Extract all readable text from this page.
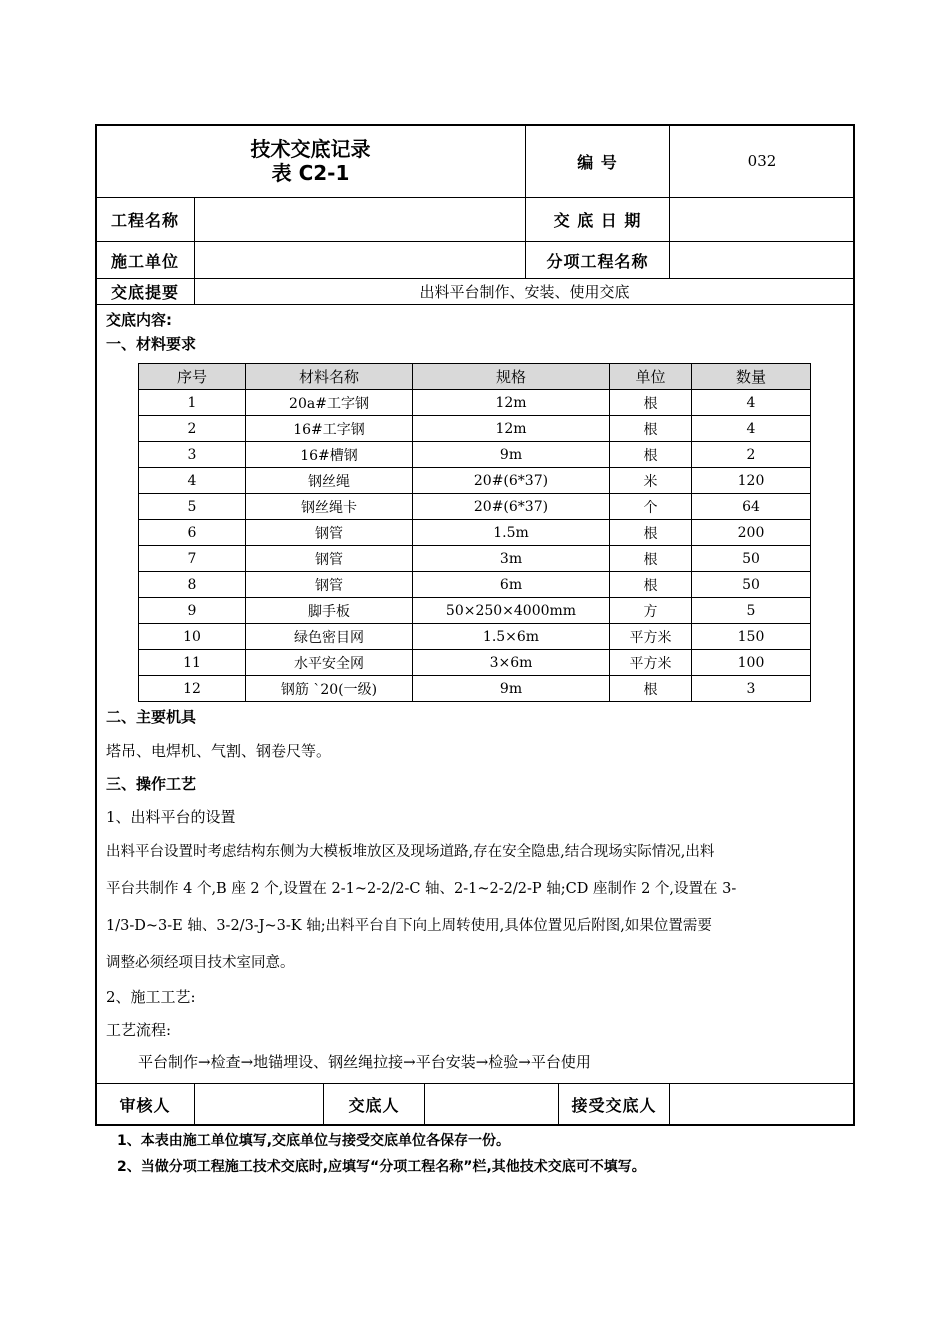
技术交底记录
表 C2-1	编 号	032
工程名称	交 底 日 期
施工单位	分项工程名称
交底提要	出料平台制作、安装、使用交底
交底内容:
一、材料要求
序号	材料名称	规格	单位	数量
1	20a#工字钢	12m	根	4
2	16#工字钢	12m	根	4
3	16#槽钢	9m	根	2
4	钢丝绳	20#(6*37)	米	120
5	钢丝绳卡	20#(6*37)	个	64
6	钢管	1.5m	根	200
7	钢管	3m	根	50
8	钢管	6m	根	50
9	脚手板	50×250×4000mm	方	5
10	绿色密目网	1.5×6m	平方米	150
11	水平安全网	3×6m	平方米	100
12	钢筋 `20(一级)	9m	根	3
二、主要机具
塔吊、电焊机、气割、钢卷尺等。
三、操作工艺
1、出料平台的设置
出料平台设置时考虑结构东侧为大模板堆放区及现场道路,存在安全隐患,结合现场实际情况,出料
平台共制作 4 个,B 座 2 个,设置在 2-1~2-2/2-C 轴、2-1~2-2/2-P 轴;CD 座制作 2 个,设置在 3-
1/3-D~3-E 轴、3-2/3-J~3-K 轴;出料平台自下向上周转使用,具体位置见后附图,如果位置需要
调整必须经项目技术室同意。
2、施工工艺:
工艺流程:
平台制作→检查→地锚埋设、钢丝绳拉接→平台安装→检验→平台使用
审核人	交底人	接受交底人
1、本表由施工单位填写,交底单位与接受交底单位各保存一份。
2、当做分项工程施工技术交底时,应填写“分项工程名称”栏,其他技术交底可不填写。
